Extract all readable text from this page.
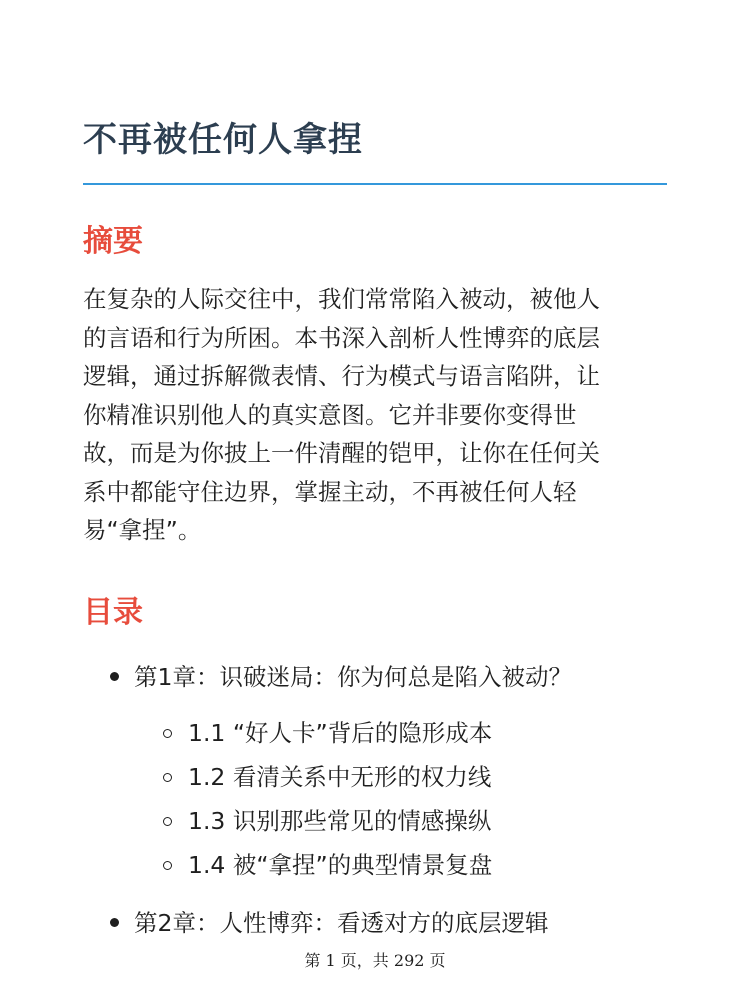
不再被任何人拿捏
摘要
在复杂的人际交往中，我们常常陷入被动，被他人
的言语和行为所困。本书深入剖析人性博弈的底层
逻辑，通过拆解微表情、行为模式与语言陷阱，让
你精准识别他人的真实意图。它并非要你变得世
故，而是为你披上一件清醒的铠甲，让你在任何关
系中都能守住边界，掌握主动，不再被任何人轻
易“拿捏”。
目录
第1章：识破迷局：你为何总是陷入被动？
1.1 “好人卡”背后的隐形成本
1.2 看清关系中无形的权力线
1.3 识别那些常见的情感操纵
1.4 被“拿捏”的典型情景复盘
第2章：人性博弈：看透对方的底层逻辑
第 1 页，共 292 页
